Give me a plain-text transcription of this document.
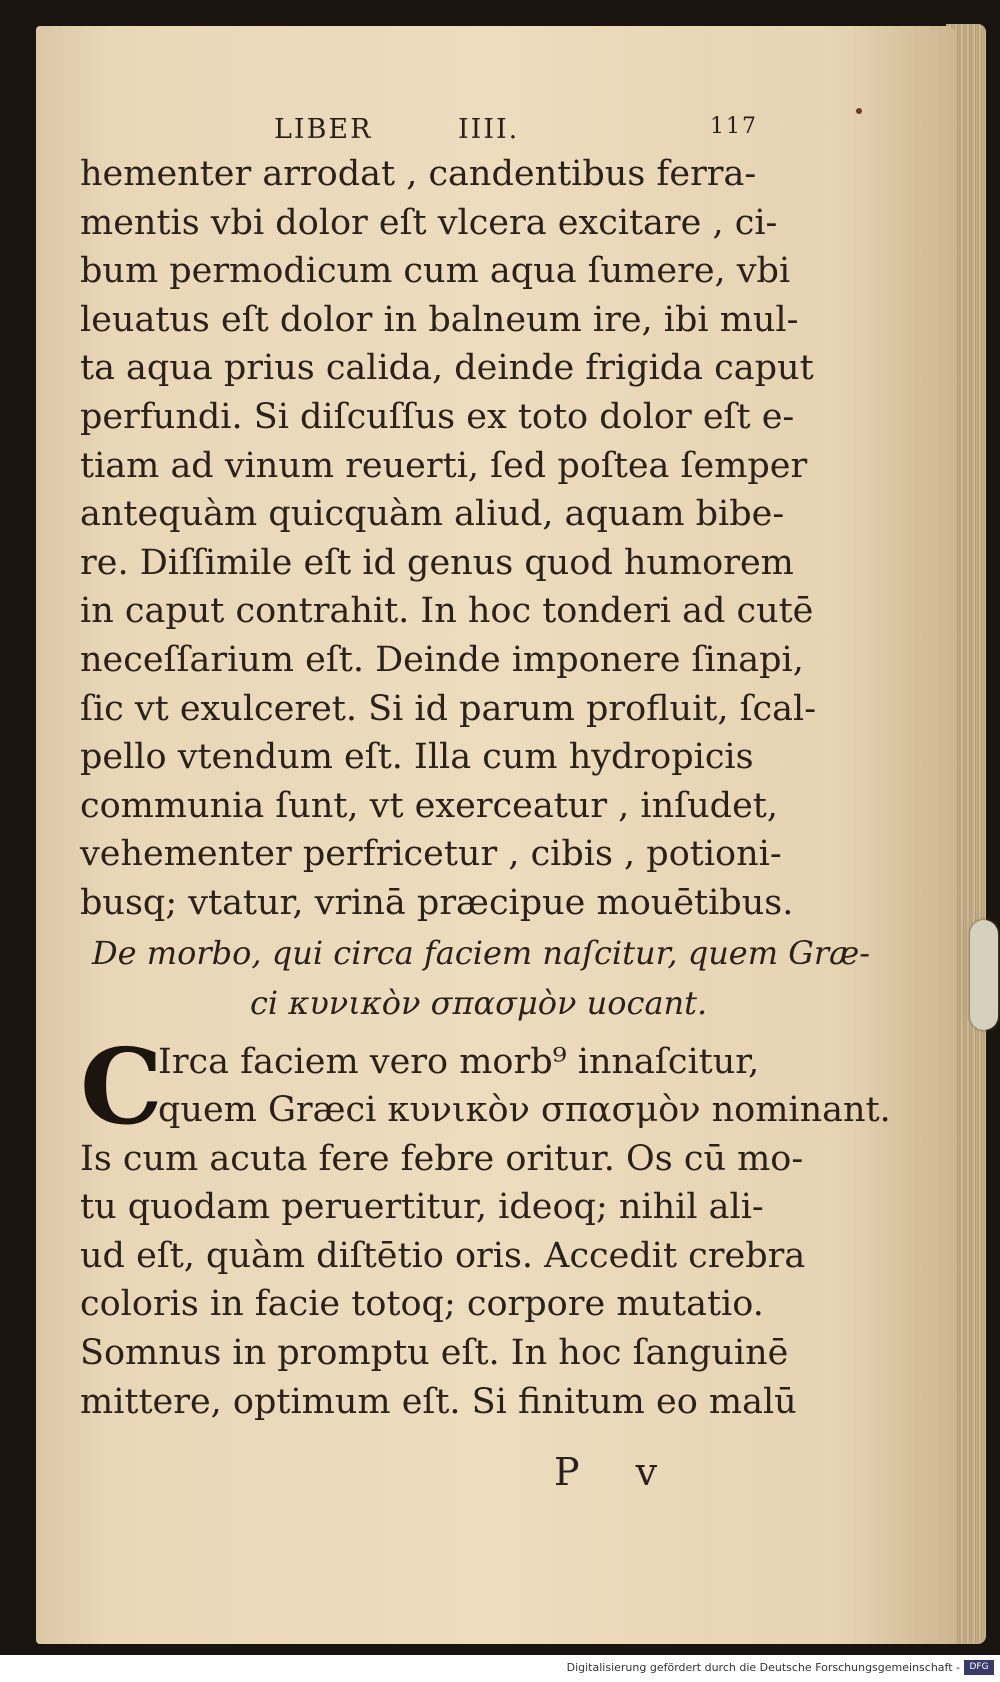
LIBER	IIII.	117
hementer arrodat , candentibus ferra-
mentis vbi dolor eſt vlcera excitare , ci-
bum permodicum cum aqua ſumere, vbi
leuatus eſt dolor in balneum ire, ibi mul-
ta aqua prius calida, deinde frigida caput
perfundi. Si diſcuſſus ex toto dolor eſt e-
tiam ad vinum reuerti, ſed poſtea ſemper
antequàm quicquàm aliud, aquam bibe-
re. Diſſimile eſt id genus quod humorem
in caput contrahit. In hoc tonderi ad cutē
neceſſarium eſt. Deinde imponere ſinapi,
ſic vt exulceret. Si id parum profluit, ſcal-
pello vtendum eſt. Illa cum hydropicis
communia ſunt, vt exerceatur , inſudet,
vehementer perfricetur , cibis , potioni-
busq; vtatur, vrinā præcipue mouētibus.
De morbo, qui circa faciem naſcitur, quem Græ-
ci κυνικὸν σπασμὸν uocant.
C
Irca faciem vero morb⁹ innaſcitur,
quem Græci κυνικὸν σπασμὸν nominant.
Is cum acuta fere febre oritur. Os cū mo-
tu quodam peruertitur, ideoq; nihil ali-
ud eſt, quàm diſtētio oris. Accedit crebra
coloris in facie totoq; corpore mutatio.
Somnus in promptu eſt. In hoc ſanguinē
mittere, optimum eſt. Si finitum eo malū
P v
Digitalisierung gefördert durch die Deutsche Forschungsgemeinschaft -	DFG
